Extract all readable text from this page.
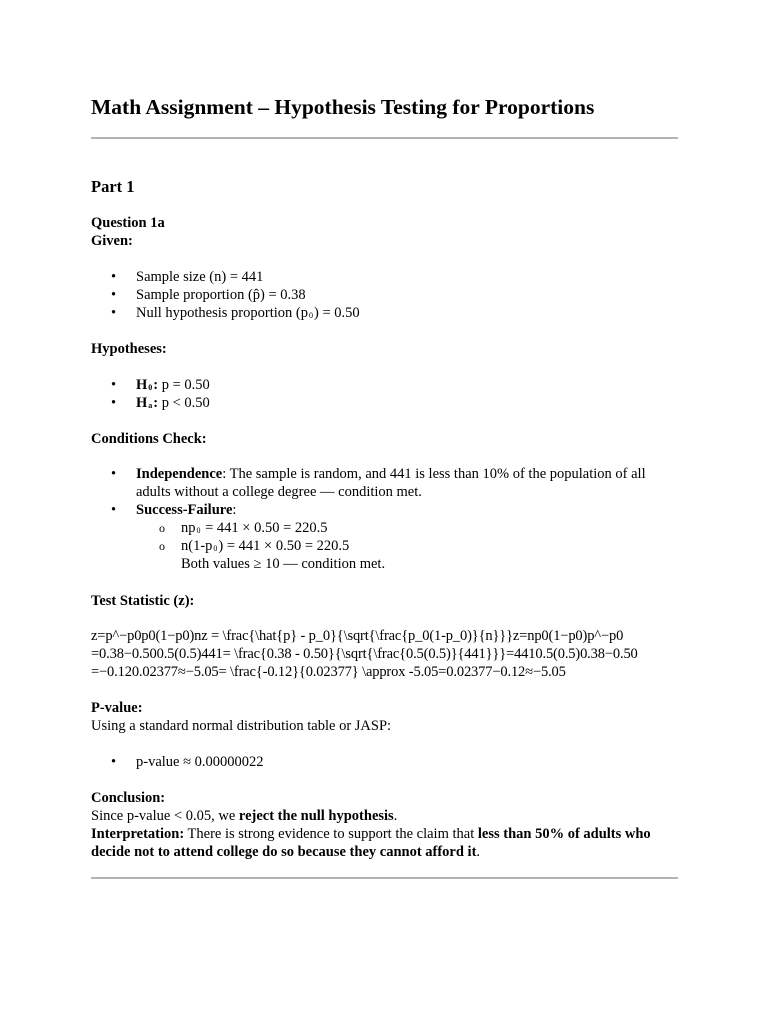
Math Assignment – Hypothesis Testing for Proportions
Part 1
Question 1a
Given:
• Sample size (n) = 441
• Sample proportion (p̂) = 0.38
• Null hypothesis proportion $(p_0) = 0.50$
Hypotheses:
• $H_0$: p = 0.50
• $H_a$: p < 0.50
Conditions Check:
• Independence: The sample is random, and 441 is less than 10% of the population of all adults without a college degree — condition met.
• Success-Failure:
o $np_0 = 441 \times 0.50 = 220.5$
o $n(1-p_0) = 441 \times 0.50 = 220.5$
Both values ≥ 10 — condition met.
Test Statistic (z):
z=p^−p0p0(1−p0)nz = \frac{\hat{p} - p_0}{\sqrt{\frac{p_0(1-p_0)}{n}}}z=np0(1−p0)p^−p0
=0.38−0.500.5(0.5)441= \frac{0.38 - 0.50}{\sqrt{\frac{0.5(0.5)}{441}}}=4410.5(0.5)0.38−0.50
=−0.120.02377≈−5.05= \frac{-0.12}{0.02377} \approx -5.05=0.02377−0.12≈−5.05
P-value:
Using a standard normal distribution table or JASP:
• p-value ≈ 0.00000022
Conclusion:
Since p-value < 0.05, we reject the null hypothesis.
Interpretation: There is strong evidence to support the claim that less than 50% of adults who decide not to attend college do so because they cannot afford it.
